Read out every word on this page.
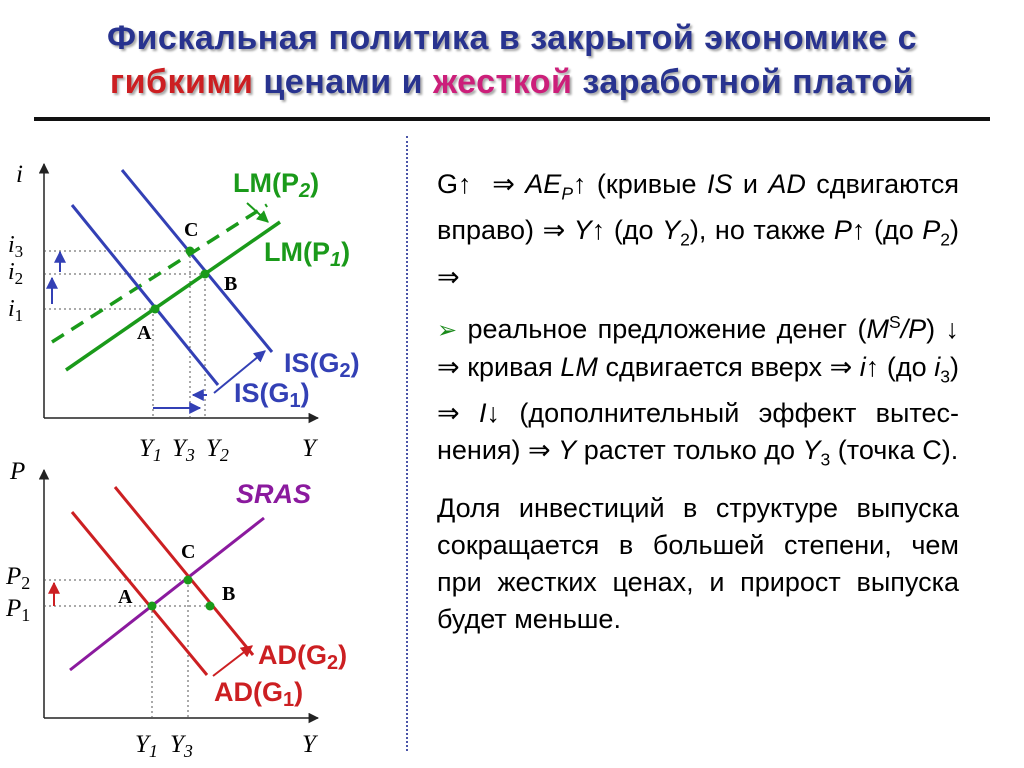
Фискальная политика в закрытой экономике с
гибкими ценами и жесткой заработной платой
i
Y
A
B
C
LM(P2)
LM(P1)
IS(G2)
IS(G1)
$i_3$
$i_2$
$i_1$
$Y_1$ $Y_3$ $Y_2$
P
Y
A	B
C
SRAS
AD(G2)
AD(G1)
$P_2$
$P_1$
$Y_1$ $Y_3$

G↑  ⇒ $AE_P↑$ (кривые IS и AD сдвигаются вправо) ⇒ Y↑ (до $Y_2$), но также P↑ (до $P_2$) ⇒

➢ реальное предложение денег $(M^S/P)$ ↓ ⇒ кривая LM сдвигается вверх ⇒ i↑ (до $i_3$) ⇒ I↓ (дополнительный эффект вытеснения) ⇒ Y растет только до $Y_3$ (точка С).

Доля инвестиций в структуре выпуска сокращается в большей степени, чем при жестких ценах, и прирост выпуска будет меньше.
